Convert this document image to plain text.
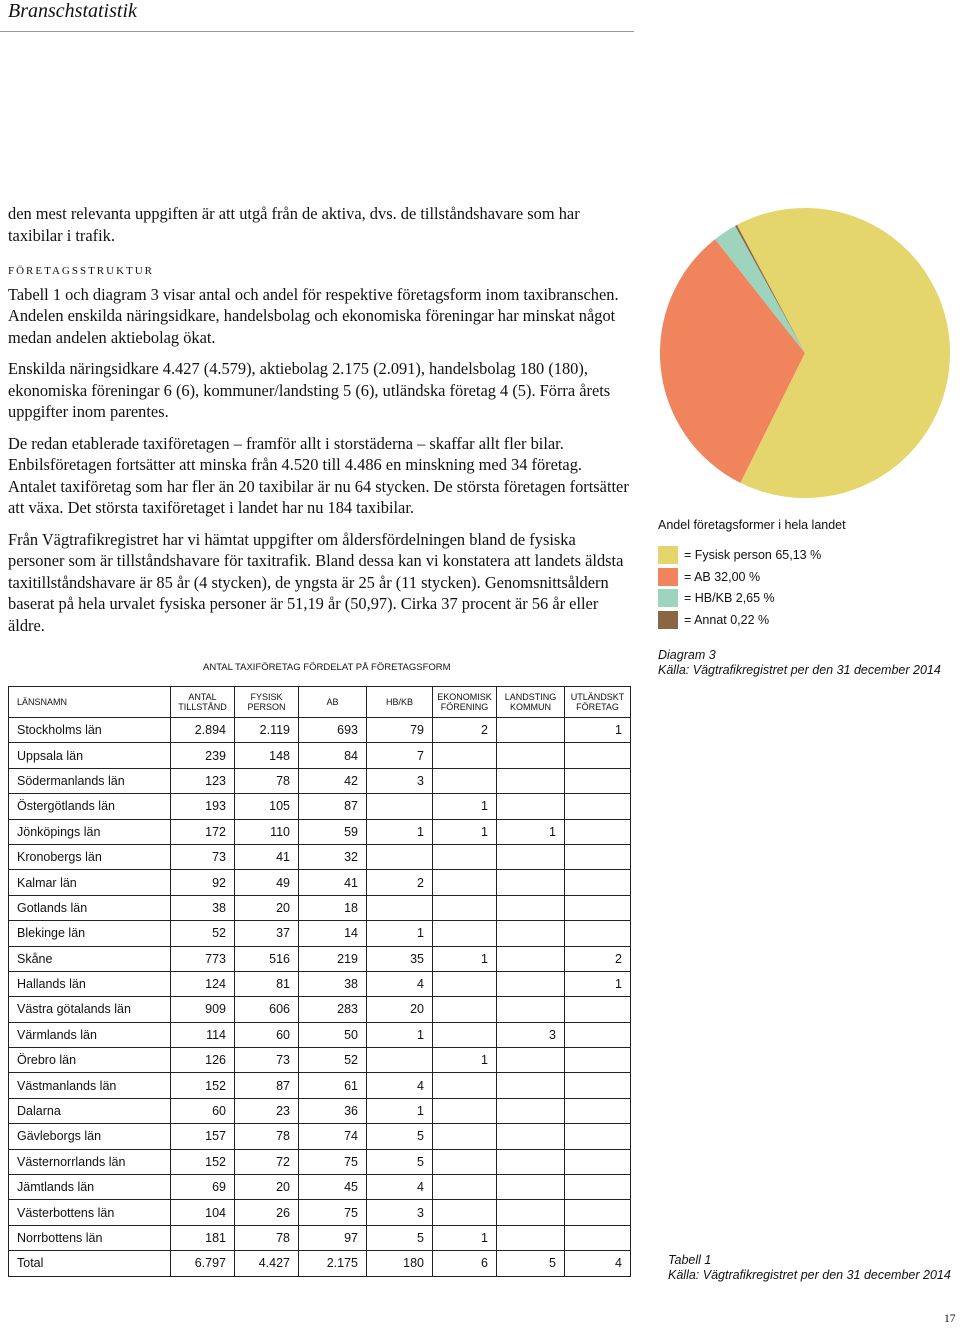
Branschstatistik

den mest relevanta uppgiften är att utgå från de aktiva, dvs. de tillståndshavare som har taxibilar i trafik.

företagsstruktur

Tabell 1 och diagram 3 visar antal och andel för respektive företagsform inom taxibranschen. Andelen enskilda näringsidkare, handelsbolag och ekonomiska föreningar har minskat något medan andelen aktiebolag ökat.

Enskilda näringsidkare 4.427 (4.579), aktiebolag 2.175 (2.091), handelsbolag 180 (180), ekonomiska föreningar 6 (6), kommuner/landsting 5 (6), utländska företag 4 (5). Förra årets uppgifter inom parentes.

De redan etablerade taxiföretagen – framför allt i storstäderna – skaffar allt fler bilar. Enbilsföretagen fortsätter att minska från 4.520 till 4.486 en minskning med 34 företag. Antalet taxiföretag som har fler än 20 taxibilar är nu 64 stycken. De största företagen fortsätter att växa. Det största taxiföretaget i landet har nu 184 taxibilar.

Från Vägtrafikregistret har vi hämtat uppgifter om åldersfördelningen bland de fysiska personer som är tillståndshavare för taxitrafik. Bland dessa kan vi konstatera att landets äldsta taxitillståndshavare är 85 år (4 stycken), de yngsta är 25 år (11 stycken). Genomsnittsåldern baserat på hela urvalet fysiska personer är 51,19 år (50,97). Cirka 37 procent är 56 år eller äldre.

Andel företagsformer i hela landet
= Fysisk person 65,13 %
= AB 32,00 %
= HB/KB 2,65 %
= Annat 0,22 %
Diagram 3
Källa: Vägtrafikregistret per den 31 december 2014
ANTAL TAXIFÖRETAG FÖRDELAT PÅ FÖRETAGSFORM
LÄNSNAMN	ANTAL TILLSTÅND	FYSISK PERSON	AB	HB/KB	EKONOMISK FÖRENING	LANDSTING KOMMUN	UTLÄNDSKT FÖRETAG
Stockholms län	2.894	2.119	693	79	2		1
Uppsala län	239	148	84	7			
Södermanlands län	123	78	42	3			
Östergötlands län	193	105	87		1		
Jönköpings län	172	110	59	1	1	1	
Kronobergs län	73	41	32				
Kalmar län	92	49	41	2			
Gotlands län	38	20	18				
Blekinge län	52	37	14	1			
Skåne	773	516	219	35	1		2
Hallands län	124	81	38	4			1
Västra götalands län	909	606	283	20			
Värmlands län	114	60	50	1		3	
Örebro län	126	73	52		1		
Västmanlands län	152	87	61	4			
Dalarna	60	23	36	1			
Gävleborgs län	157	78	74	5			
Västernorrlands län	152	72	75	5			
Jämtlands län	69	20	45	4			
Västerbottens län	104	26	75	3			
Norrbottens län	181	78	97	5	1		
Total	6.797	4.427	2.175	180	6	5	4	Tabell 1
Källa: Vägtrafikregistret per den 31 december 2014
17
